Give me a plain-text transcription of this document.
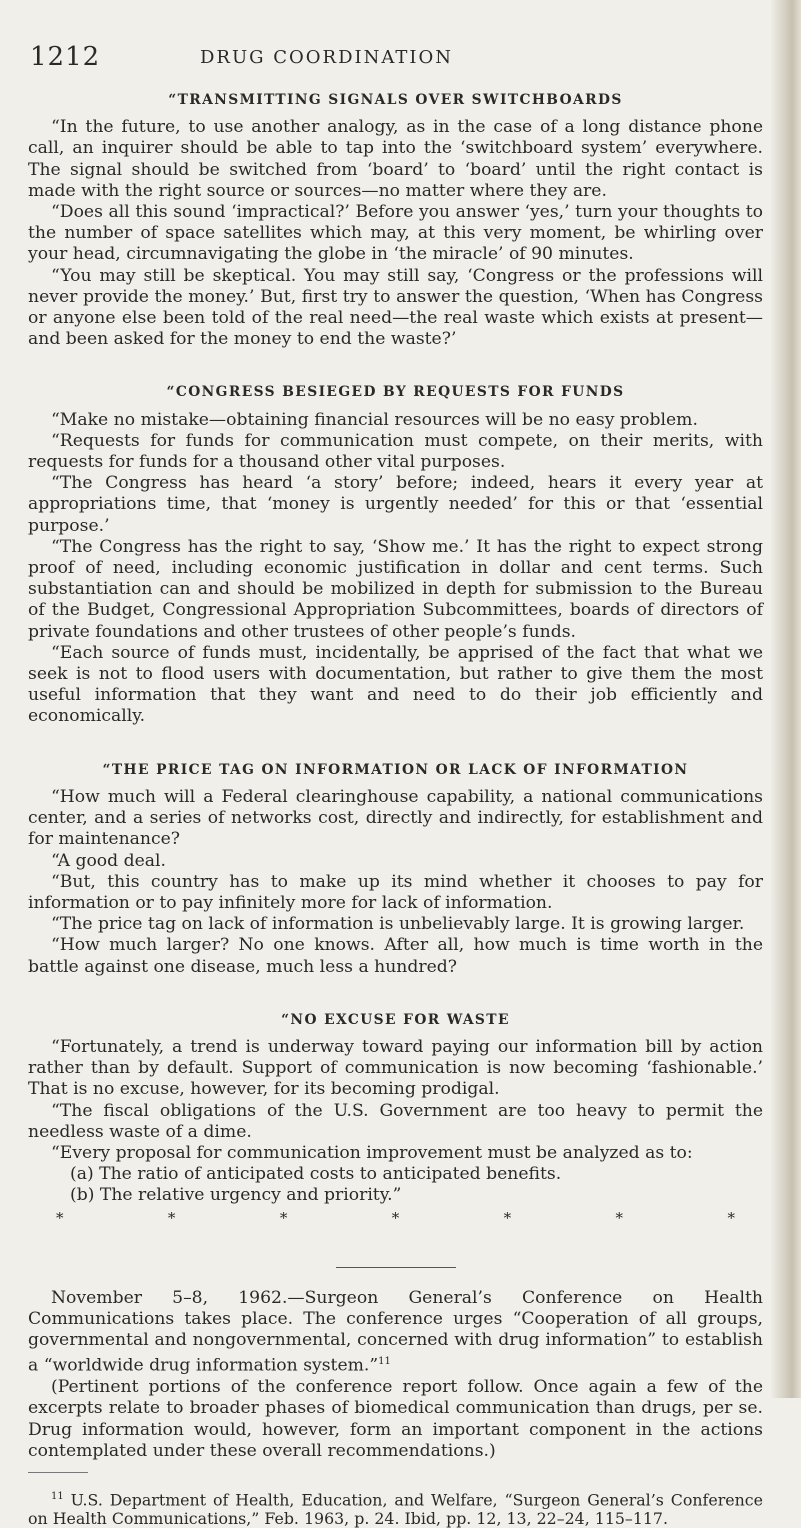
1212	DRUG COORDINATION
“TRANSMITTING SIGNALS OVER SWITCHBOARDS

“In the future, to use another analogy, as in the case of a long distance phone call, an inquirer should be able to tap into the ‘switchboard system’ everywhere. The signal should be switched from ‘board’ to ‘board’ until the right contact is made with the right source or sources—no matter where they are.

“Does all this sound ‘impractical?’ Before you answer ‘yes,’ turn your thoughts to the number of space satellites which may, at this very moment, be whirling over your head, circumnavigating the globe in ‘the miracle’ of 90 minutes.

“You may still be skeptical. You may still say, ‘Congress or the professions will never provide the money.’ But, first try to answer the question, ‘When has Congress or anyone else been told of the real need—the real waste which exists at present—and been asked for the money to end the waste?’

“CONGRESS BESIEGED BY REQUESTS FOR FUNDS

“Make no mistake—obtaining financial resources will be no easy problem.

“Requests for funds for communication must compete, on their merits, with requests for funds for a thousand other vital purposes.

“The Congress has heard ‘a story’ before; indeed, hears it every year at appropriations time, that ‘money is urgently needed’ for this or that ‘essential purpose.’

“The Congress has the right to say, ‘Show me.’ It has the right to expect strong proof of need, including economic justification in dollar and cent terms. Such substantiation can and should be mobilized in depth for submission to the Bureau of the Budget, Congressional Appropriation Subcommittees, boards of directors of private foundations and other trustees of other people’s funds.

“Each source of funds must, incidentally, be apprised of the fact that what we seek is not to flood users with documentation, but rather to give them the most useful information that they want and need to do their job efficiently and economically.

“THE PRICE TAG ON INFORMATION OR LACK OF INFORMATION

“How much will a Federal clearinghouse capability, a national communications center, and a series of networks cost, directly and indirectly, for establishment and for maintenance?

“A good deal.

“But, this country has to make up its mind whether it chooses to pay for information or to pay infinitely more for lack of information.

“The price tag on lack of information is unbelievably large. It is growing larger.

“How much larger? No one knows. After all, how much is time worth in the battle against one disease, much less a hundred?

“NO EXCUSE FOR WASTE

“Fortunately, a trend is underway toward paying our information bill by action rather than by default. Support of communication is now becoming ‘fashionable.’ That is no excuse, however, for its becoming prodigal.

“The fiscal obligations of the U.S. Government are too heavy to permit the needless waste of a dime.

“Every proposal for communication improvement must be analyzed as to:

(a) The ratio of anticipated costs to anticipated benefits.

(b) The relative urgency and priority.”

*	*	*	*	*	*	*

November 5–8, 1962.—Surgeon General’s Conference on Health Communications takes place. The conference urges “Cooperation of all groups, governmental and nongovernmental, concerned with drug information” to establish a “worldwide drug information system.”$^{11}$

(Pertinent portions of the conference report follow. Once again a few of the excerpts relate to broader phases of biomedical communication than drugs, per se. Drug information would, however, form an important component in the actions contemplated under these overall recommendations.)

$^{11}$ U.S. Department of Health, Education, and Welfare, “Surgeon General’s Conference on Health Communications,” Feb. 1963, p. 24. Ibid, pp. 12, 13, 22–24, 115–117.
